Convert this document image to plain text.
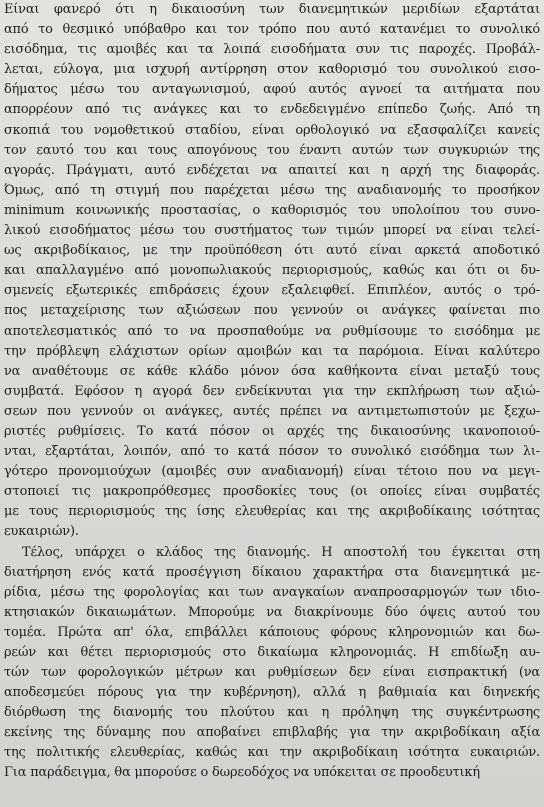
Είναι φανερό ότι η δικαιοσύνη των διανεμητικών μεριδίων εξαρτάται
από το θεσμικό υπόβαθρο και τον τρόπο που αυτό κατανέμει το συνολικό
εισόδημα, τις αμοιβές και τα λοιπά εισοδήματα συν τις παροχές. Προβάλ-
λεται, εύλογα, μια ισχυρή αντίρρηση στον καθορισμό του συνολικού εισο-
δήματος μέσω του ανταγωνισμού, αφού αυτός αγνοεί τα αιτήματα που
απορρέουν από τις ανάγκες και το ενδεδειγμένο επίπεδο ζωής. Από τη
σκοπιά του νομοθετικού σταδίου, είναι ορθολογικό να εξασφαλίζει κανείς
τον εαυτό του και τους απογόνους του έναντι αυτών των συγκυριών της
αγοράς. Πράγματι, αυτό ενδέχεται να απαιτεί και η αρχή της διαφοράς.
Όμως, από τη στιγμή που παρέχεται μέσω της αναδιανομής το προσήκον
minimum κοινωνικής προστασίας, ο καθορισμός του υπολοίπου του συνο-
λικού εισοδήματος μέσω του συστήματος των τιμών μπορεί να είναι τελεί-
ως ακριβοδίκαιος, με την προϋπόθεση ότι αυτό είναι αρκετά αποδοτικό
και απαλλαγμένο από μονοπωλιακούς περιορισμούς, καθώς και ότι οι δυ-
σμενείς εξωτερικές επιδράσεις έχουν εξαλειφθεί. Επιπλέον, αυτός ο τρό-
πος μεταχείρισης των αξιώσεων που γεννούν οι ανάγκες φαίνεται πιο
αποτελεσματικός από το να προσπαθούμε να ρυθμίσουμε το εισόδημα με
την πρόβλεψη ελάχιστων ορίων αμοιβών και τα παρόμοια. Είναι καλύτερο
να αναθέτουμε σε κάθε κλάδο μόνον όσα καθήκοντα είναι μεταξύ τους
συμβατά. Εφόσον η αγορά δεν ενδείκνυται για την εκπλήρωση των αξιώ-
σεων που γεννούν οι ανάγκες, αυτές πρέπει να αντιμετωπιστούν με ξεχω-
ριστές ρυθμίσεις. Το κατά πόσον οι αρχές της δικαιοσύνης ικανοποιού-
νται, εξαρτάται, λοιπόν, από το κατά πόσον το συνολικό εισόδημα των λι-
γότερο προνομιούχων (αμοιβές συν αναδιανομή) είναι τέτοιο που να μεγι-
στοποιεί τις μακροπρόθεσμες προσδοκίες τους (οι οποίες είναι συμβατές
με τους περιορισμούς της ίσης ελευθερίας και της ακριβοδίκαιης ισότητας
ευκαιριών).
Τέλος, υπάρχει ο κλάδος της διανομής. Η αποστολή του έγκειται στη
διατήρηση ενός κατά προσέγγιση δίκαιου χαρακτήρα στα διανεμητικά με-
ρίδια, μέσω της φορολογίας και των αναγκαίων αναπροσαρμογών των ιδιο-
κτησιακών δικαιωμάτων. Μπορούμε να διακρίνουμε δύο όψεις αυτού του
τομέα. Πρώτα απ' όλα, επιβάλλει κάποιους φόρους κληρονομιών και δω-
ρεών και θέτει περιορισμούς στο δικαίωμα κληρονομιάς. Η επιδίωξη αυ-
τών των φορολογικών μέτρων και ρυθμίσεων δεν είναι εισπρακτική (να
αποδεσμεύει πόρους για την κυβέρνηση), αλλά η βαθμιαία και διηνεκής
διόρθωση της διανομής του πλούτου και η πρόληψη της συγκέντρωσης
εκείνης της δύναμης που αποβαίνει επιβλαβής για την ακριβοδίκαιη αξία
της πολιτικής ελευθερίας, καθώς και την ακριβοδίκαιη ισότητα ευκαιριών.
Για παράδειγμα, θα μπορούσε ο δωρεοδόχος να υπόκειται σε προοδευτική
